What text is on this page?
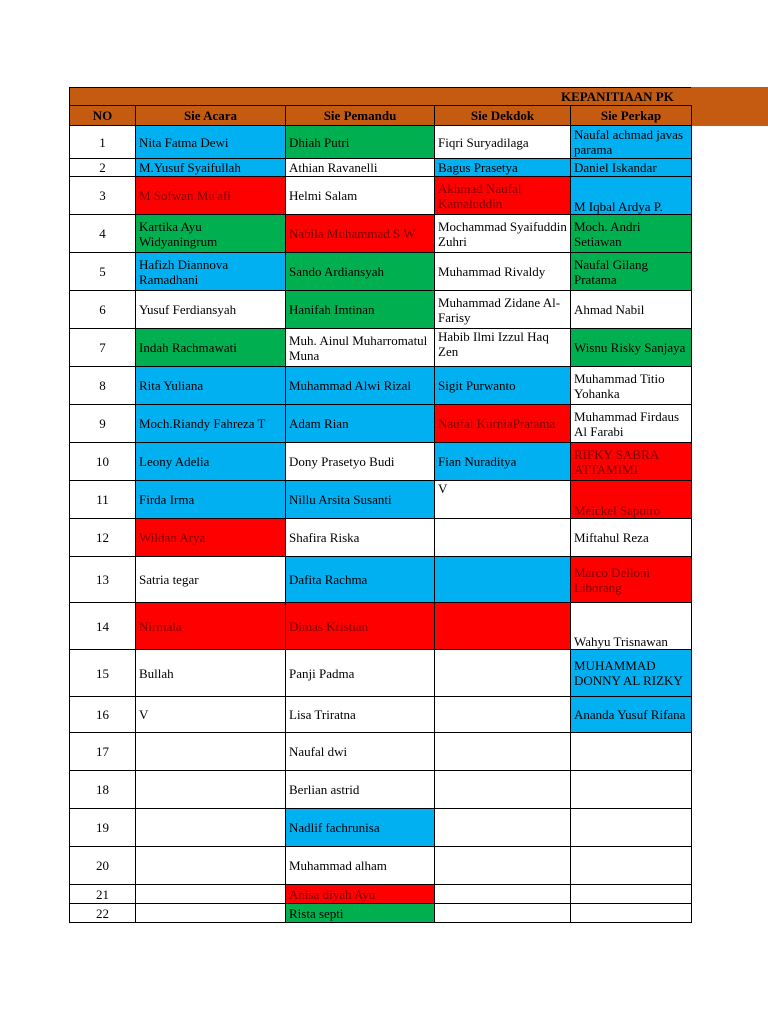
KEPANITIAAN PK
NO	Sie Acara	Sie Pemandu	Sie Dekdok	Sie Perkap
1	Nita Fatma Dewi	Dhiah Putri	Fiqri Suryadilaga	Naufal achmad javas parama
2	M.Yusuf Syaifullah	Athian Ravanelli	Bagus Prasetya	Daniel Iskandar
3	M Sofwan Mu'afi	Helmi Salam	Akhmad Naufal Kamaluddin	M Iqbal Ardya P.
4	Kartika Ayu Widyaningrum	Nabila Muhammad S W	Mochammad Syaifuddin Zuhri	Moch. Andri Setiawan
5	Hafizh Diannova Ramadhani	Sando Ardiansyah	Muhammad Rivaldy	Naufal Gilang Pratama
6	Yusuf Ferdiansyah	Hanifah Imtinan	Muhammad Zidane Al-Farisy	Ahmad Nabil
7	Indah Rachmawati	Muh. Ainul Muharromatul Muna	Habib Ilmi Izzul Haq Zen	Wisnu Risky Sanjaya
8	Rita Yuliana	Muhammad Alwi Rizal	Sigit Purwanto	Muhammad Titio Yohanka
9	Moch.Riandy Fahreza T	Adam Rian	Naufal KurniaPratama	Muhammad Firdaus Al Farabi
10	Leony Adelia	Dony Prasetyo Budi	Fian Nuraditya	RIFKY SABRA ATTAMIMI
11	Firda Irma	Nillu Arsita Susanti	V	Meickel Saputro
12	Wildan Arya	Shafira Riska		Miftahul Reza
13	Satria tegar	Dafita Rachma		Marco Delloni Liborang
14	Nirmala	Dimas Kristian		Wahyu Trisnawan
15	Bullah	Panji Padma		MUHAMMAD DONNY AL RIZKY
16	V	Lisa Triratna		Ananda Yusuf Rifana
17		Naufal dwi		
18		Berlian astrid		
19		Nadlif fachrunisa		
20		Muhammad alham		
21		Anisa diyah Ayu		
22		Rista septi		
